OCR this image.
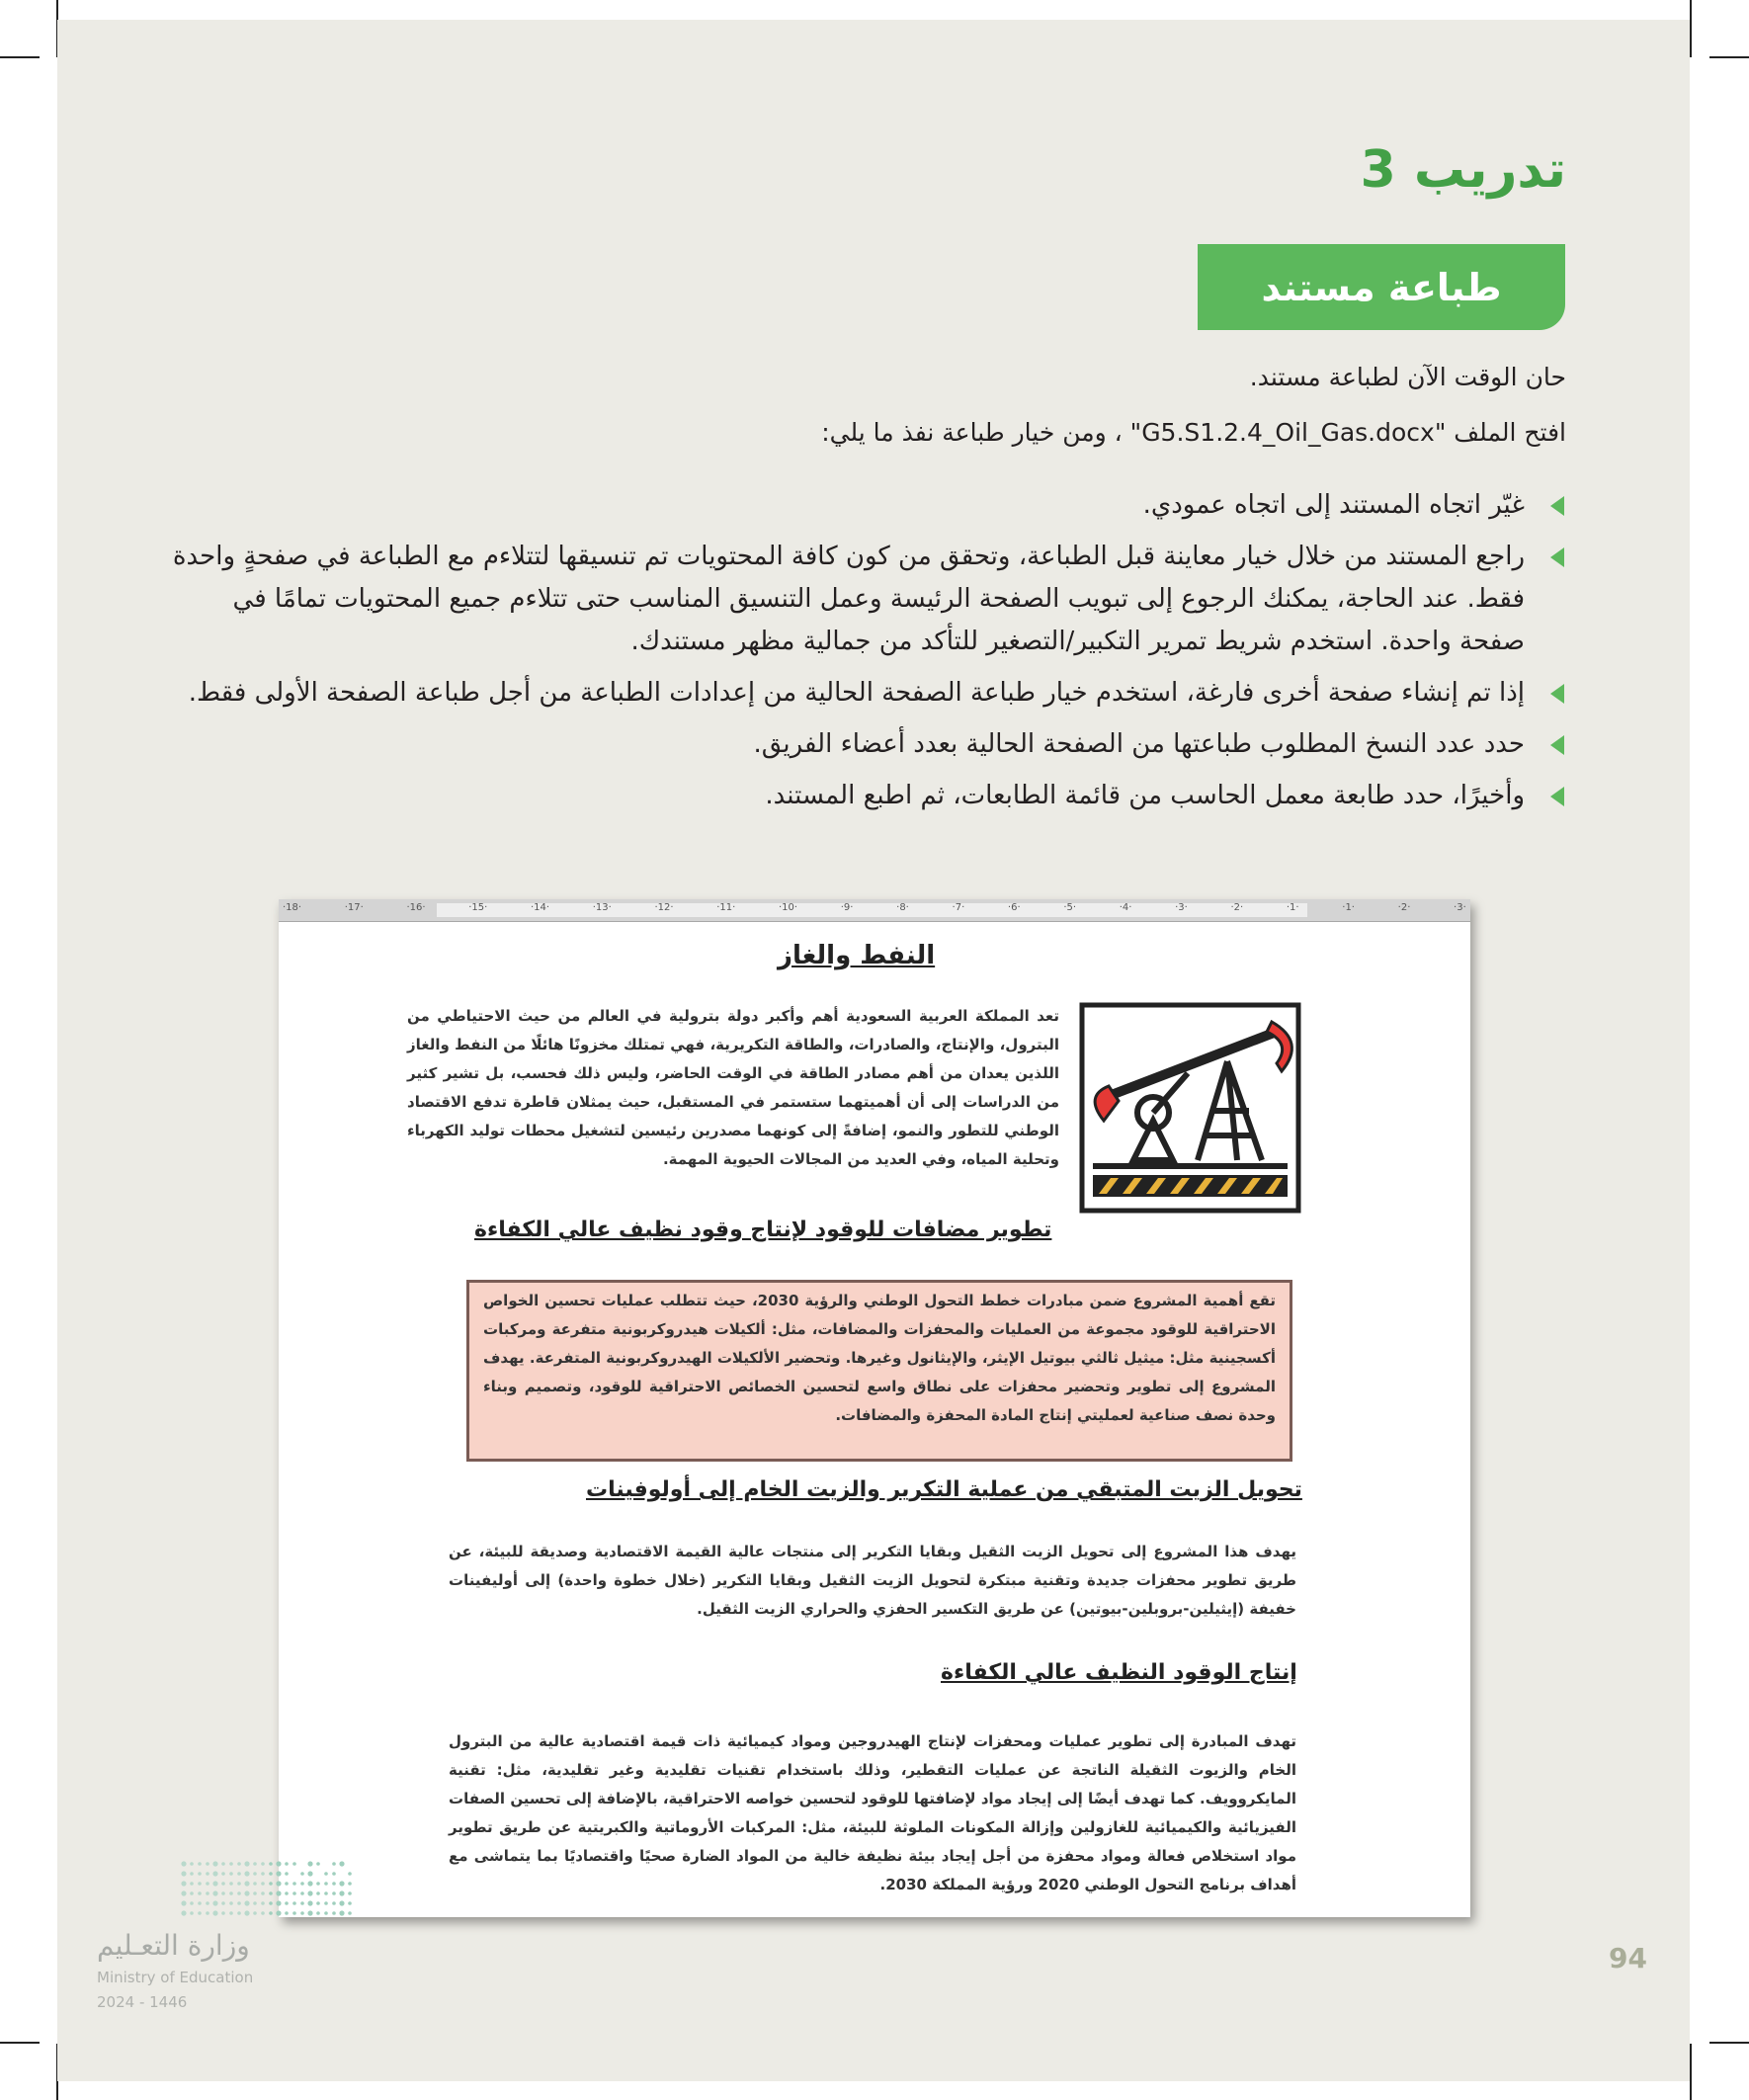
تدريب 3
طباعة مستند
حان الوقت الآن لطباعة مستند.
افتح الملف "G5.S1.2.4_Oil_Gas.docx" ، ومن خيار طباعة نفذ ما يلي:
غيّر اتجاه المستند إلى اتجاه عمودي.
راجع المستند من خلال خيار معاينة قبل الطباعة، وتحقق من كون كافة المحتويات تم تنسيقها لتتلاءم مع الطباعة في صفحةٍ واحدة فقط. عند الحاجة، يمكنك الرجوع إلى تبويب الصفحة الرئيسة وعمل التنسيق المناسب حتى تتلاءم جميع المحتويات تمامًا في صفحة واحدة. استخدم شريط تمرير التكبير/التصغير للتأكد من جمالية مظهر مستندك.
إذا تم إنشاء صفحة أخرى فارغة، استخدم خيار طباعة الصفحة الحالية من إعدادات الطباعة من أجل طباعة الصفحة الأولى فقط.
حدد عدد النسخ المطلوب طباعتها من الصفحة الحالية بعدد أعضاء الفريق.
وأخيرًا، حدد طابعة معمل الحاسب من قائمة الطابعات، ثم اطبع المستند.
·18·	·17·	·16·	·15·	·14·	·13·	·12·	·11·	·10·	·9·	·8·	·7·	·6·	·5·	·4·	·3·	·2·	·1·	·1·	·2·	·3·
النفط والغاز
تعد المملكة العربية السعودية أهم وأكبر دولة بترولية في العالم من حيث الاحتياطي من البترول، والإنتاج، والصادرات، والطاقة التكريرية، فهي تمتلك مخزونًا هائلًا من النفط والغاز اللذين يعدان من أهم مصادر الطاقة في الوقت الحاضر، وليس ذلك فحسب، بل تشير كثير من الدراسات إلى أن أهميتهما ستستمر في المستقبل، حيث يمثلان قاطرة تدفع الاقتصاد الوطني للتطور والنمو، إضافةً إلى كونهما مصدرين رئيسين لتشغيل محطات توليد الكهرباء وتحلية المياه، وفي العديد من المجالات الحيوية المهمة.
تطوير مضافات للوقود لإنتاج وقود نظيف عالي الكفاءة
تقع أهمية المشروع ضمن مبادرات خطط التحول الوطني والرؤية 2030، حيث تتطلب عمليات تحسين الخواص الاحتراقية للوقود مجموعة من العمليات والمحفزات والمضافات، مثل: ألكيلات هيدروكربونية متفرعة ومركبات أكسجينية مثل: ميثيل ثالثي بيوتيل الإيثر، والإيثانول وغيرها. وتحضير الألكيلات الهيدروكربونية المتفرعة. يهدف المشروع إلى تطوير وتحضير محفزات على نطاق واسع لتحسين الخصائص الاحتراقية للوقود، وتصميم وبناء وحدة نصف صناعية لعمليتي إنتاج المادة المحفزة والمضافات.
تحويل الزيت المتبقي من عملية التكرير والزيت الخام إلى أولوفينات
يهدف هذا المشروع إلى تحويل الزيت الثقيل وبقايا التكرير إلى منتجات عالية القيمة الاقتصادية وصديقة للبيئة، عن طريق تطوير محفزات جديدة وتقنية مبتكرة لتحويل الزيت الثقيل وبقايا التكرير (خلال خطوة واحدة) إلى أوليفينات خفيفة (إيثيلين-بروبلين-بيوتين) عن طريق التكسير الحفزي والحراري الزيت الثقيل.
إنتاج الوقود النظيف عالي الكفاءة
تهدف المبادرة إلى تطوير عمليات ومحفزات لإنتاج الهيدروجين ومواد كيميائية ذات قيمة اقتصادية عالية من البترول الخام والزيوت الثقيلة الناتجة عن عمليات التقطير، وذلك باستخدام تقنيات تقليدية وغير تقليدية، مثل: تقنية المايكروويف. كما تهدف أيضًا إلى إيجاد مواد لإضافتها للوقود لتحسين خواصه الاحتراقية، بالإضافة إلى تحسين الصفات الفيزيائية والكيميائية للغازولين وإزالة المكونات الملوثة للبيئة، مثل: المركبات الأروماتية والكبريتية عن طريق تطوير مواد استخلاص فعالة ومواد محفزة من أجل إيجاد بيئة نظيفة خالية من المواد الضارة صحيًا واقتصاديًا بما يتماشى مع أهداف برنامج التحول الوطني 2020 ورؤية المملكة 2030.
وزارة التعـليم
Ministry of Education
2024 - 1446
94
